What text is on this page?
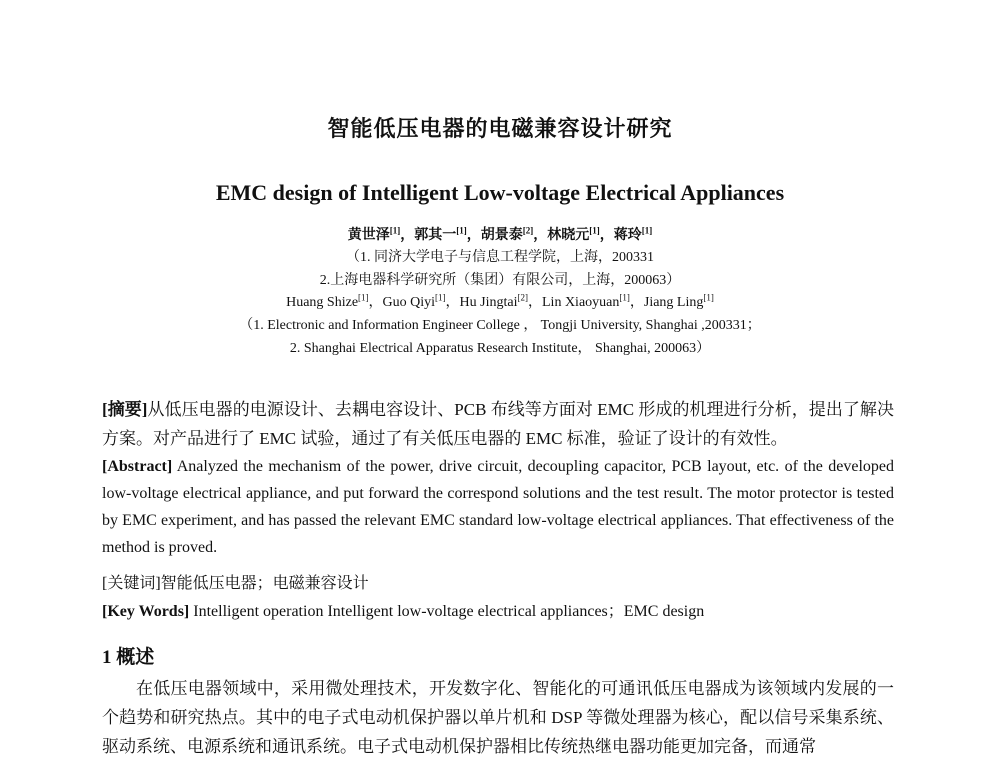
智能低压电器的电磁兼容设计研究
EMC design of Intelligent Low-voltage Electrical Appliances
黄世泽[1]，郭其一[1]，胡景泰[2]，林晓元[1]，蒋玲[1]
（1. 同济大学电子与信息工程学院，上海，200331
2.上海电器科学研究所（集团）有限公司，上海，200063）
Huang Shize[1]，Guo Qiyi[1]，Hu Jingtai[2]，Lin Xiaoyuan[1]，Jiang Ling[1]
（1. Electronic and Information Engineer College ， Tongji University, Shanghai ,200331；
2. Shanghai Electrical Apparatus Research Institute， Shanghai, 200063）
[摘要]从低压电器的电源设计、去耦电容设计、PCB 布线等方面对 EMC 形成的机理进行分析，提出了解决方案。对产品进行了 EMC 试验，通过了有关低压电器的 EMC 标准，验证了设计的有效性。
[Abstract] Analyzed the mechanism of the power, drive circuit, decoupling capacitor, PCB layout, etc. of the developed low-voltage electrical appliance, and put forward the correspond solutions and the test result. The motor protector is tested by EMC experiment, and has passed the relevant EMC standard low-voltage electrical appliances. That effectiveness of the method is proved.
[关键词]智能低压电器；电磁兼容设计
[Key Words] Intelligent operation Intelligent low-voltage electrical appliances；EMC design
1 概述
在低压电器领域中，采用微处理技术，开发数字化、智能化的可通讯低压电器成为该领域内发展的一个趋势和研究热点。其中的电子式电动机保护器以单片机和 DSP 等微处理器为核心，配以信号采集系统、驱动系统、电源系统和通讯系统。电子式电动机保护器相比传统热继电器功能更加完备，而通常
